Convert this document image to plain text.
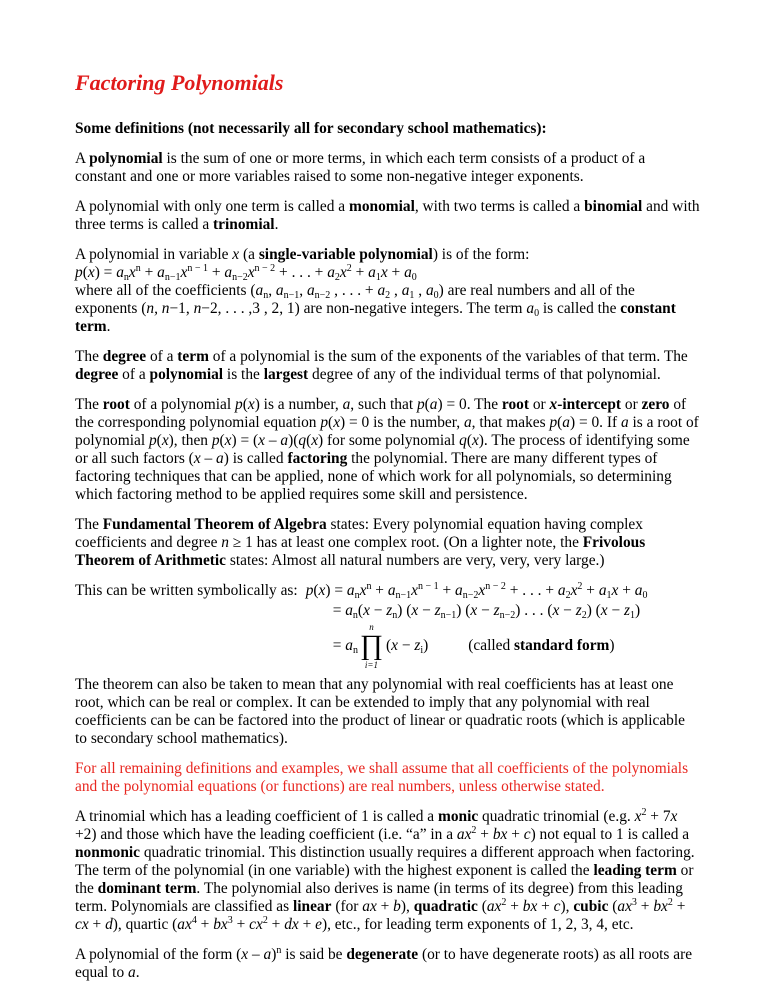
Factoring Polynomials

Some definitions (not necessarily all for secondary school mathematics):

A polynomial is the sum of one or more terms, in which each term consists of a product of a constant and one or more variables raised to some non-negative integer exponents.

A polynomial with only one term is called a monomial, with two terms is called a binomial and with three terms is called a trinomial.

A polynomial in variable x (a single-variable polynomial) is of the form:
$p(x) = a_nx^n + a_{n-1}x^{n - 1} + a_{n-2}x^{n - 2}$ + . . . + $a_2x^2 + a_1x + a_0$
where all of the coefficients ($a_n$, $a_{n-1}$, $a_{n-2}$ , . . . + $a_2$ , $a_1$ , $a_0$) are real numbers and all of the exponents (n, n−1, n−2, . . . ,3 , 2, 1) are non-negative integers. The term $a_0$ is called the constant term.

The degree of a term of a polynomial is the sum of the exponents of the variables of that term. The degree of a polynomial is the largest degree of any of the individual terms of that polynomial.

The root of a polynomial p(x) is a number, a, such that p(a) = 0. The root or x-intercept or zero of the corresponding polynomial equation p(x) = 0 is the number, a, that makes p(a) = 0. If a is a root of polynomial p(x), then p(x) = (x – a)(q(x) for some polynomial q(x). The process of identifying some or all such factors (x – a) is called factoring the polynomial. There are many different types of factoring techniques that can be applied, none of which work for all polynomials, so determining which factoring method to be applied requires some skill and persistence.

The Fundamental Theorem of Algebra states: Every polynomial equation having complex coefficients and degree n ≥ 1 has at least one complex root. (On a lighter note, the Frivolous Theorem of Arithmetic states: Almost all natural numbers are very, very, very large.)

This can be written symbolically as: $p(x) = a_nx^n + a_{n-1}x^{n - 1} + a_{n-2}x^{n - 2}$ + . . . + $a_2x^2 + a_1x + a_0$
= $a_n(x - z_n) (x - z_{n-1}) (x - z_{n-2})$ . . . $(x - z_2)$ $(x - z_1)$
=
$a_n$
n
∏
i=1
$(x - z_i)$	(called standard form)

The theorem can also be taken to mean that any polynomial with real coefficients has at least one root, which can be real or complex. It can be extended to imply that any polynomial with real coefficients can be can be factored into the product of linear or quadratic roots (which is applicable to secondary school mathematics).

For all remaining definitions and examples, we shall assume that all coefficients of the polynomials and the polynomial equations (or functions) are real numbers, unless otherwise stated.

A trinomial which has a leading coefficient of 1 is called a monic quadratic trinomial (e.g. $x^2 + 7x +2$) and those which have the leading coefficient (i.e. “a” in a $ax^2$ + bx + c) not equal to 1 is called a nonmonic quadratic trinomial. This distinction usually requires a different approach when factoring. The term of the polynomial (in one variable) with the highest exponent is called the leading term or the dominant term. The polynomial also derives is name (in terms of its degree) from this leading term. Polynomials are classified as linear (for ax + b), quadratic ($ax^2$ + bx + c), cubic ($ax^3 + bx^2$ + cx + d), quartic ($ax^4 + bx^3 + cx^2$ + dx + e), etc., for leading term exponents of 1, 2, 3, 4, etc.

A polynomial of the form (x – a)$^n$ is said be degenerate (or to have degenerate roots) as all roots are equal to a.
